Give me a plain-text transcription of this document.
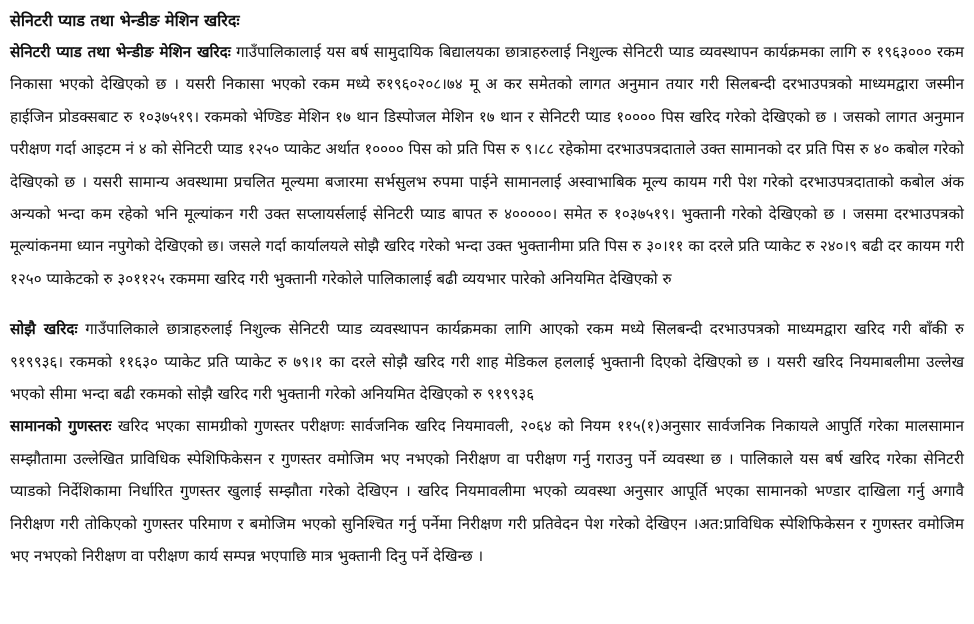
सेनिटरी प्याड तथा भेन्डीङ मेशिन खरिदः

सेनिटरी प्याड तथा भेन्डीङ मेशिन खरिदः गाउँपालिकालाई यस बर्ष सामुदायिक बिद्यालयका छात्राहरुलाई निशुल्क सेनिटरी प्याड व्यवस्थापन कार्यक्रमका लागि रु १९६३००० रकम निकासा भएको देखिएको छ । यसरी निकासा भएको रकम मध्ये रु१९६०२०८।७४ मू अ कर समेतको लागत अनुमान तयार गरी सिलबन्दी दरभाउपत्रको माध्यमद्वारा जस्मीन हाईजिन प्रोडक्सबाट रु १०३७५१९। रकमको भेण्डिङ मेशिन १७ थान डिस्पोजल मेशिन १७ थान र सेनिटरी प्याड १०००० पिस खरिद गरेको देखिएको छ । जसको लागत अनुमान परीक्षण गर्दा आइटम नं ४ को सेनिटरी प्याड १२५० प्याकेट अर्थात १०००० पिस को प्रति पिस रु ९।८८ रहेकोमा दरभाउपत्रदाताले उक्त सामानको दर प्रति पिस रु ४० कबोल गरेको देखिएको छ । यसरी सामान्य अवस्थामा प्रचलित मूल्यमा बजारमा सर्भसुलभ रुपमा पाईने सामानलाई अस्वाभाबिक मूल्य कायम गरी पेश गरेको दरभाउपत्रदाताको कबोल अंक अन्यको भन्दा कम रहेको भनि मूल्यांकन गरी उक्त सप्लायर्सलाई सेनिटरी प्याड बापत रु ४०००००। समेत रु १०३७५१९। भुक्तानी गरेको देखिएको छ । जसमा दरभाउपत्रको मूल्यांकनमा ध्यान नपुगेको देखिएको छ। जसले गर्दा कार्यालयले सोझै खरिद गरेको भन्दा उक्त भुक्तानीमा प्रति पिस रु ३०।११ का दरले प्रति प्याकेट रु २४०।९ बढी दर कायम गरी १२५० प्याकेटको रु ३०११२५ रकममा खरिद गरी भुक्तानी गरेकोले पालिकालाई बढी व्ययभार पारेको अनियमित देखिएको रु

सोझै खरिदः गाउँपालिकाले छात्राहरुलाई निशुल्क सेनिटरी प्याड व्यवस्थापन कार्यक्रमका लागि आएको रकम मध्ये सिलबन्दी दरभाउपत्रको माध्यमद्वारा खरिद गरी बाँकी रु ९१९९३६। रकमको ११६३० प्याकेट प्रति प्याकेट रु ७९।१ का दरले सोझै खरिद गरी शाह मेडिकल हललाई भुक्तानी दिएको देखिएको छ । यसरी खरिद नियमाबलीमा उल्लेख भएको सीमा भन्दा बढी रकमको सोझै खरिद गरी भुक्तानी गरेको अनियमित देखिएको रु ९१९९३६

सामानको गुणस्तरः खरिद भएका सामग्रीको गुणस्तर परीक्षणः सार्वजनिक खरिद नियमावली, २०६४ को नियम ११५(१)अनुसार सार्वजनिक निकायले आपुर्ति गरेका मालसामान सम्झौतामा उल्लेखित प्राविधिक स्पेशिफिकेसन र गुणस्तर वमोजिम भए नभएको निरीक्षण वा परीक्षण गर्नु गराउनु पर्ने व्यवस्था छ । पालिकाले यस बर्ष खरिद गरेका सेनिटरी प्याडको निर्देशिकामा निर्धारित गुणस्तर खुलाई सम्झौता गरेको देखिएन । खरिद नियमावलीमा भएको व्यवस्था अनुसार आपूर्ति भएका सामानको भण्डार दाखिला गर्नु अगावै निरीक्षण गरी तोकिएको गुणस्तर परिमाण र बमोजिम भएको सुनिश्चित गर्नु पर्नेमा निरीक्षण गरी प्रतिवेदन पेश गरेको देखिएन ।अत:प्राविधिक स्पेशिफिकेसन र गुणस्तर वमोजिम भए नभएको निरीक्षण वा परीक्षण कार्य सम्पन्न भएपाछि मात्र भुक्तानी दिनु पर्ने देखिन्छ ।
